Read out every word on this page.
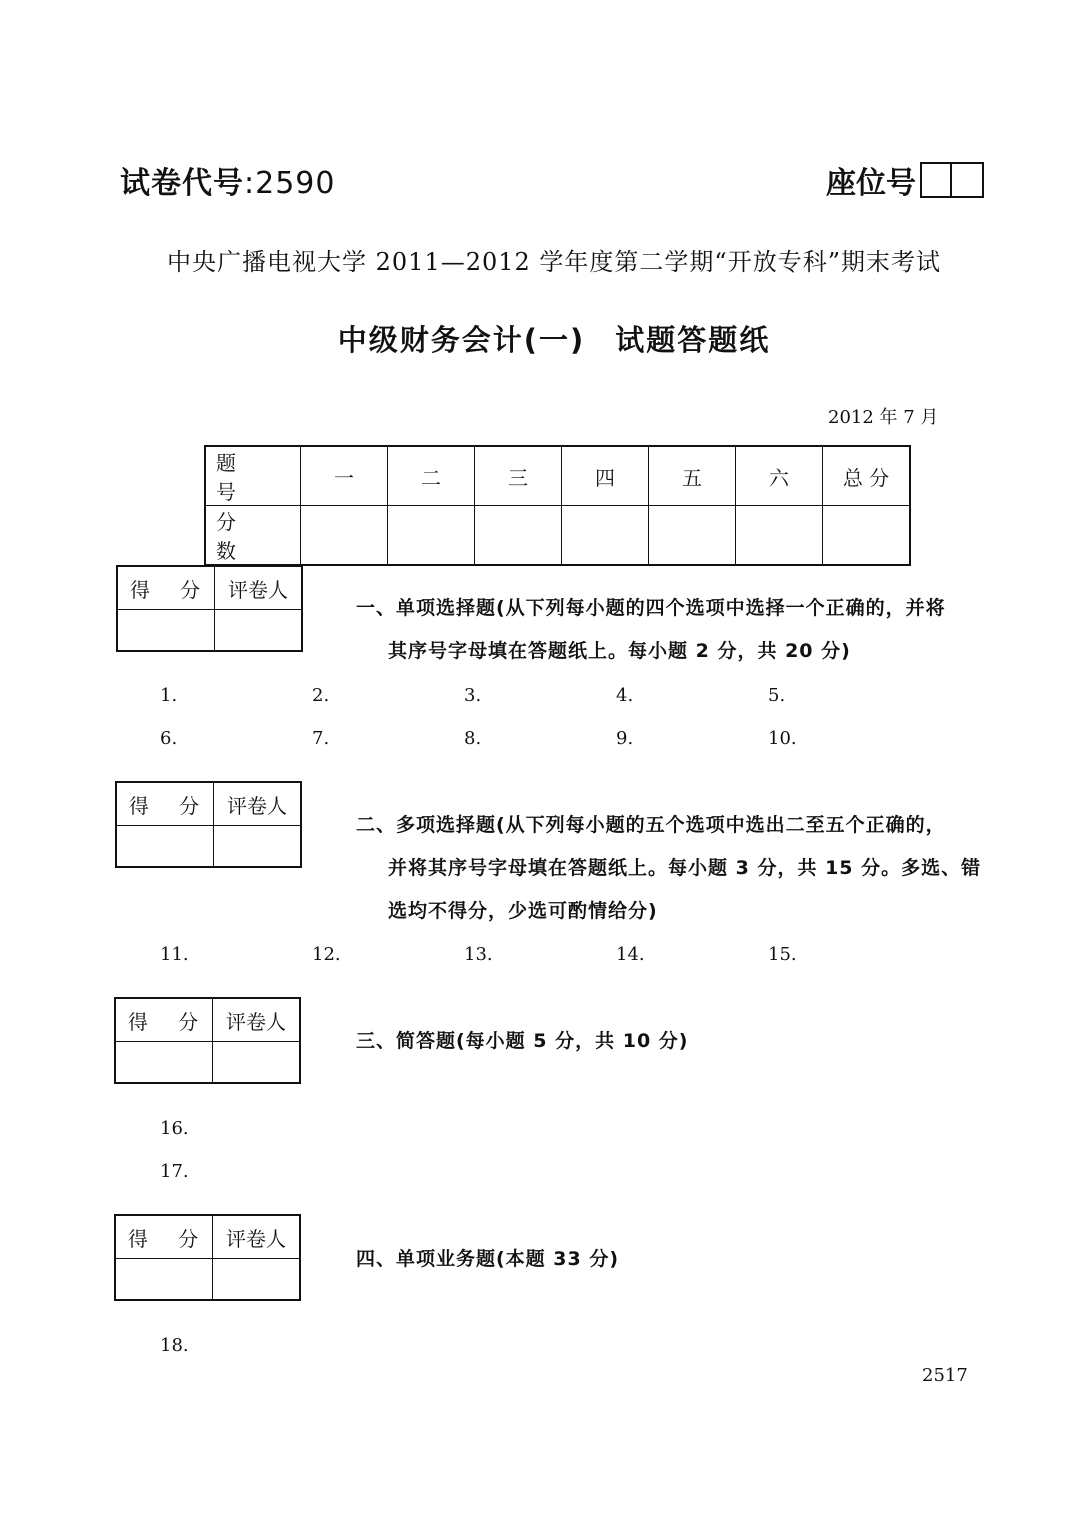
试卷代号:2590	座位号
中央广播电视大学 2011—2012 学年度第二学期“开放专科”期末考试
中级财务会计(一) 试题答题纸
2012 年 7 月
题 号	一	二	三	四	五	六	总 分
分 数							
得 分	评卷人

一、单项选择题(从下列每小题的四个选项中选择一个正确的，并将
其序号字母填在答题纸上。每小题 2 分，共 20 分)
1.	2.	3.	4.	5.
6.	7.	8.	9.	10.
得 分	评卷人

二、多项选择题(从下列每小题的五个选项中选出二至五个正确的，
并将其序号字母填在答题纸上。每小题 3 分，共 15 分。多选、错
选均不得分，少选可酌情给分)
11.	12.	13.	14.	15.
得 分	评卷人

三、简答题(每小题 5 分，共 10 分)
16.
17.
得 分	评卷人

四、单项业务题(本题 33 分)
18.
2517
